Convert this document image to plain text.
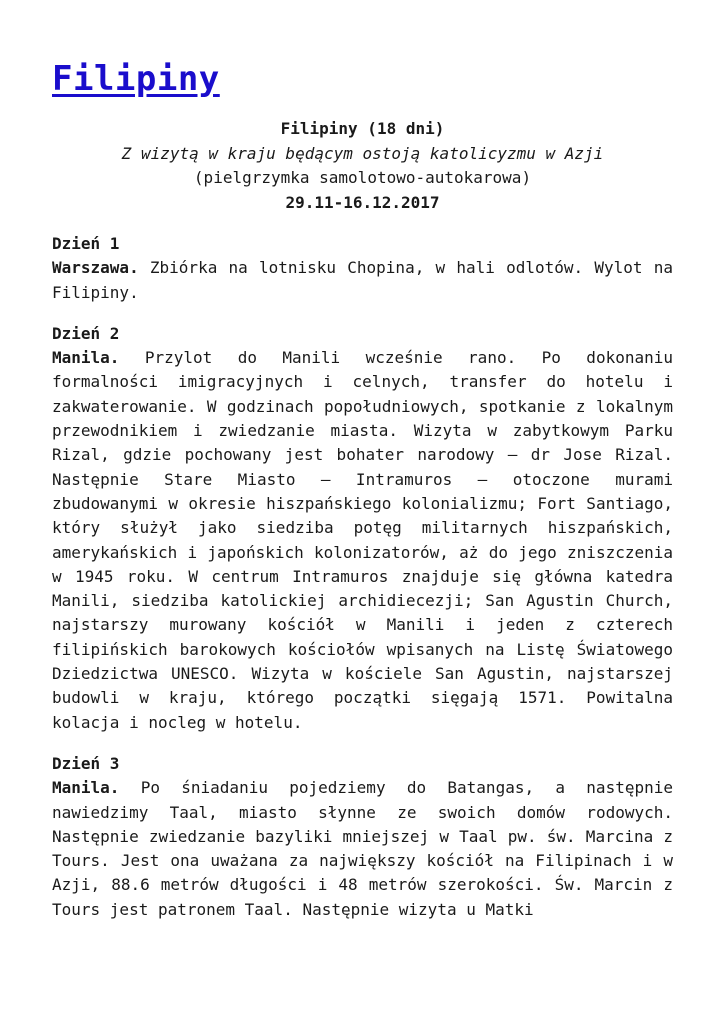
Filipiny
Filipiny (18 dni)
Z wizytą w kraju będącym ostoją katolicyzmu w Azji
(pielgrzymka samolotowo-autokarowa)
29.11-16.12.2017
Dzień 1

Warszawa. Zbiórka na lotnisku Chopina, w hali odlotów. Wylot na Filipiny.

Dzień 2

Manila. Przylot do Manili wcześnie rano. Po dokonaniu formalności imigracyjnych i celnych, transfer do hotelu i zakwaterowanie. W godzinach popołudniowych, spotkanie z lokalnym przewodnikiem i zwiedzanie miasta. Wizyta w zabytkowym Parku Rizal, gdzie pochowany jest bohater narodowy – dr Jose Rizal. Następnie Stare Miasto – Intramuros – otoczone murami zbudowanymi w okresie hiszpańskiego kolonializmu; Fort Santiago, który służył jako siedziba potęg militarnych hiszpańskich, amerykańskich i japońskich kolonizatorów, aż do jego zniszczenia w 1945 roku. W centrum Intramuros znajduje się główna katedra Manili, siedziba katolickiej archidiecezji; San Agustin Church, najstarszy murowany kościół w Manili i jeden z czterech filipińskich barokowych kościołów wpisanych na Listę Światowego Dziedzictwa UNESCO. Wizyta w kościele San Agustin, najstarszej budowli w kraju, którego początki sięgają 1571. Powitalna kolacja i nocleg w hotelu.

Dzień 3

Manila. Po śniadaniu pojedziemy do Batangas, a następnie nawiedzimy Taal, miasto słynne ze swoich domów rodowych. Następnie zwiedzanie bazyliki mniejszej w Taal pw. św. Marcina z Tours. Jest ona uważana za największy kościół na Filipinach i w Azji, 88.6 metrów długości i 48 metrów szerokości. Św. Marcin z Tours jest patronem Taal. Następnie wizyta u Matki
